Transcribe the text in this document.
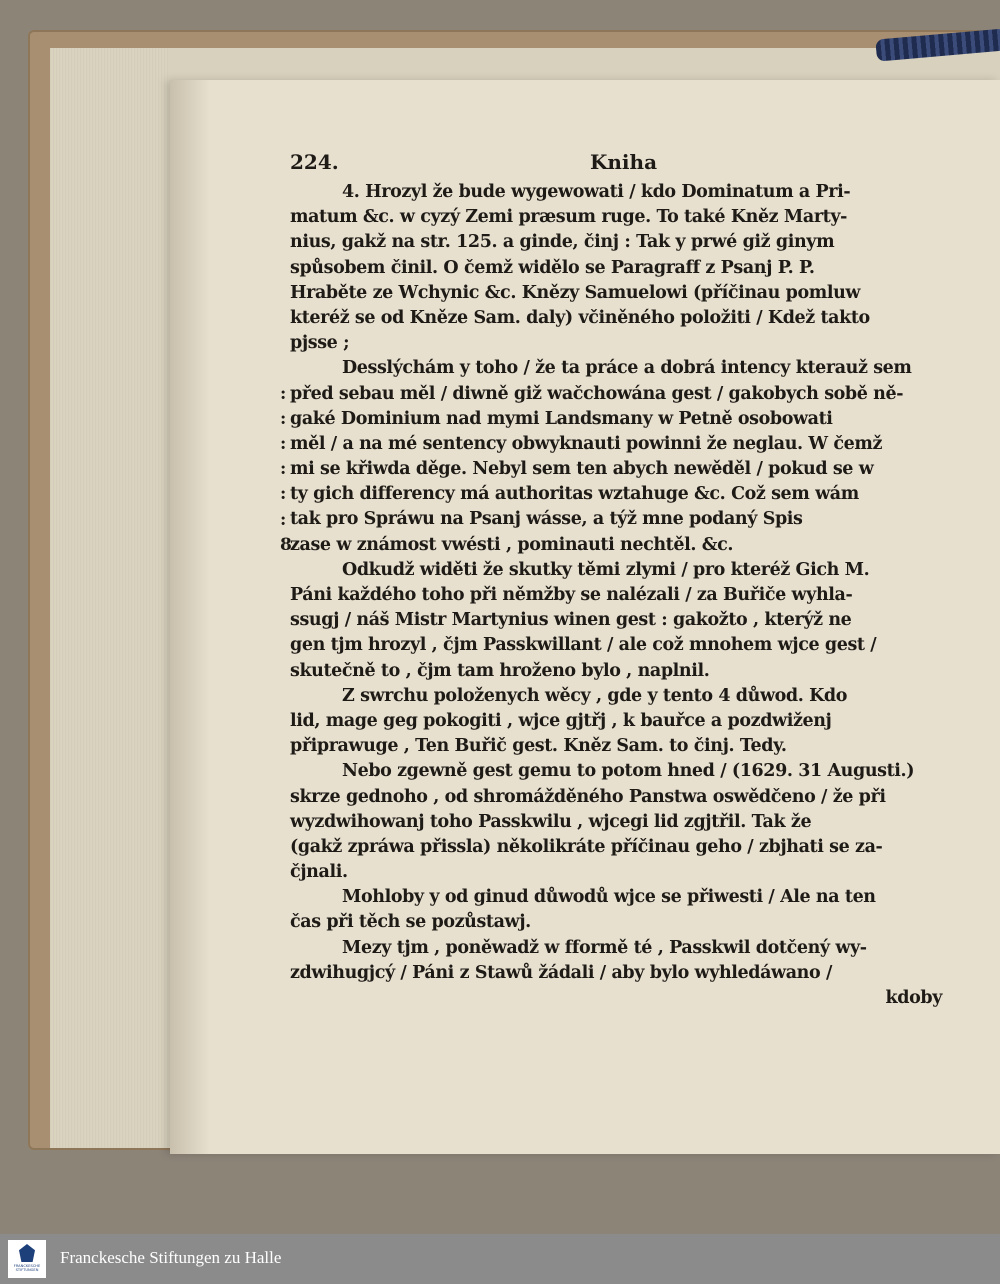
224.	Kniha
4. Hrozyl že bude wygewowati / kdo Dominatum a Pri-
matum &c. w cyzý Zemi præsum ruge. To také Kněz Marty-
nius, gakž na str. 125. a ginde, činj : Tak y prwé giž ginym
spůsobem činil. O čemž widělo se Paragraff z Psanj P. P.
Hraběte ze Wchynic &c. Knězy Samuelowi (příčinau pomluw
kteréž se od Kněze Sam. daly) včiněného položiti / Kdež takto
pjsse ;
Desslýchám y toho / že ta práce a dobrá intency kterauž sem
před sebau měl / diwně giž wačchowána gest / gakobych sobě ně-
gaké Dominium nad mymi Landsmany w Petně osobowati
měl / a na mé sentency obwyknauti powinni že neglau. W čemž
mi se křiwda děge. Nebyl sem ten abych newěděl / pokud se w
ty gich differency má authoritas wztahuge &c. Což sem wám
tak pro Spráwu na Psanj wásse, a týž mne podaný Spis
zase w známost vwésti , pominauti nechtěl. &c.
Odkudž widěti že skutky těmi zlymi / pro kteréž Gich M.
Páni každého toho při němžby se nalézali / za Buřiče wyhla-
ssugj / náš Mistr Martynius winen gest : gakožto , kterýž ne
gen tjm hrozyl , čjm Passkwillant / ale což mnohem wjce gest /
skutečně to , čjm tam hroženo bylo , naplnil.
Z swrchu položenych wěcy , gde y tento 4 důwod. Kdo
lid, mage geg pokogiti , wjce gjtřj , k bauřce a pozdwiženj
připrawuge , Ten Buřič gest. Kněz Sam. to činj. Tedy.
Nebo zgewně gest gemu to potom hned / (1629. 31 Augusti.)
skrze gednoho , od shromážděného Panstwa oswědčeno / že při
wyzdwihowanj toho Passkwilu , wjcegi lid zgjtřil. Tak že
(gakž zpráwa přissla) několikráte příčinau geho / zbjhati se za-
čjnali.
Mohloby y od ginud důwodů wjce se přiwesti / Ale na ten
čas při těch se pozůstawj.
Mezy tjm , poněwadž w fformě té , Passkwil dotčený wy-
zdwihugjcý / Páni z Stawů žádali / aby bylo wyhledáwano /
kdoby
:
:
:
:
:
:
8
FRANCKESCHE STIFTUNGEN
Franckesche Stiftungen zu Halle
